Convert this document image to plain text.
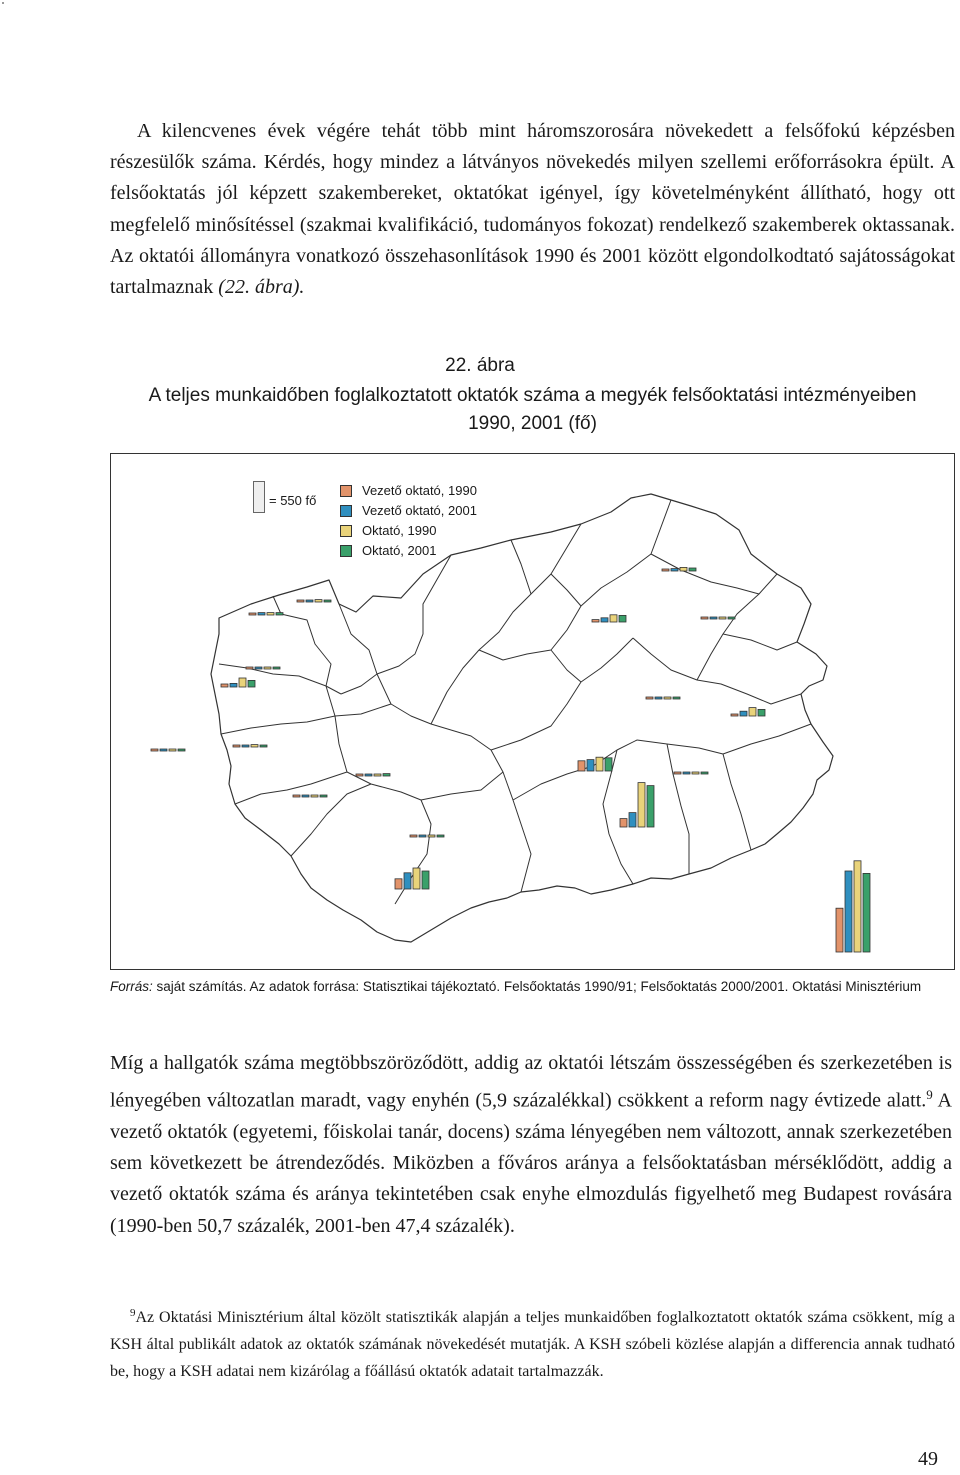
A kilencvenes évek végére tehát több mint háromszorosára növekedett a felsőfokú képzésben részesülők száma. Kérdés, hogy mindez a látványos növekedés milyen szellemi erőforrásokra épült. A felsőoktatás jól képzett szakembereket, oktatókat igényel, így követelményként állítható, hogy ott megfelelő minősítéssel (szakmai kvalifikáció, tudományos fokozat) rendelkező szakemberek oktassanak. Az oktatói állományra vonatkozó összehasonlítások 1990 és 2001 között elgondolkodtató sajátosságokat tartalmaznak (22. ábra).

22. ábra
A teljes munkaidőben foglalkoztatott oktatók száma a megyék felsőoktatási intézményeiben
1990, 2001 (fő)
= 550 fő
Vezető oktató, 1990
Vezető oktató, 2001
Oktató, 1990
Oktató, 2001
Forrás: saját számítás. Az adatok forrása: Statisztikai tájékoztató. Felsőoktatás 1990/91; Felsőoktatás 2000/2001. Oktatási Minisztérium

Míg a hallgatók száma megtöbbszöröződött, addig az oktatói létszám összességében és szerkezetében is lényegében változatlan maradt, vagy enyhén (5,9 százalékkal) csökkent a reform nagy évtizede alatt.$^9$ A vezető oktatók (egyetemi, főiskolai tanár, docens) száma lényegében nem változott, annak szerkezetében sem következett be átrendeződés. Miközben a főváros aránya a felsőoktatásban mérséklődött, addig a vezető oktatók száma és aránya tekintetében csak enyhe elmozdulás figyelhető meg Budapest rovására (1990-ben 50,7 százalék, 2001-ben 47,4 százalék).

$^9$Az Oktatási Minisztérium által közölt statisztikák alapján a teljes munkaidőben foglalkoztatott oktatók száma csökkent, míg a KSH által publikált adatok az oktatók számának növekedését mutatják. A KSH szóbeli közlése alapján a differencia annak tudható be, hogy a KSH adatai nem kizárólag a főállású oktatók adatait tartalmazzák.

49
